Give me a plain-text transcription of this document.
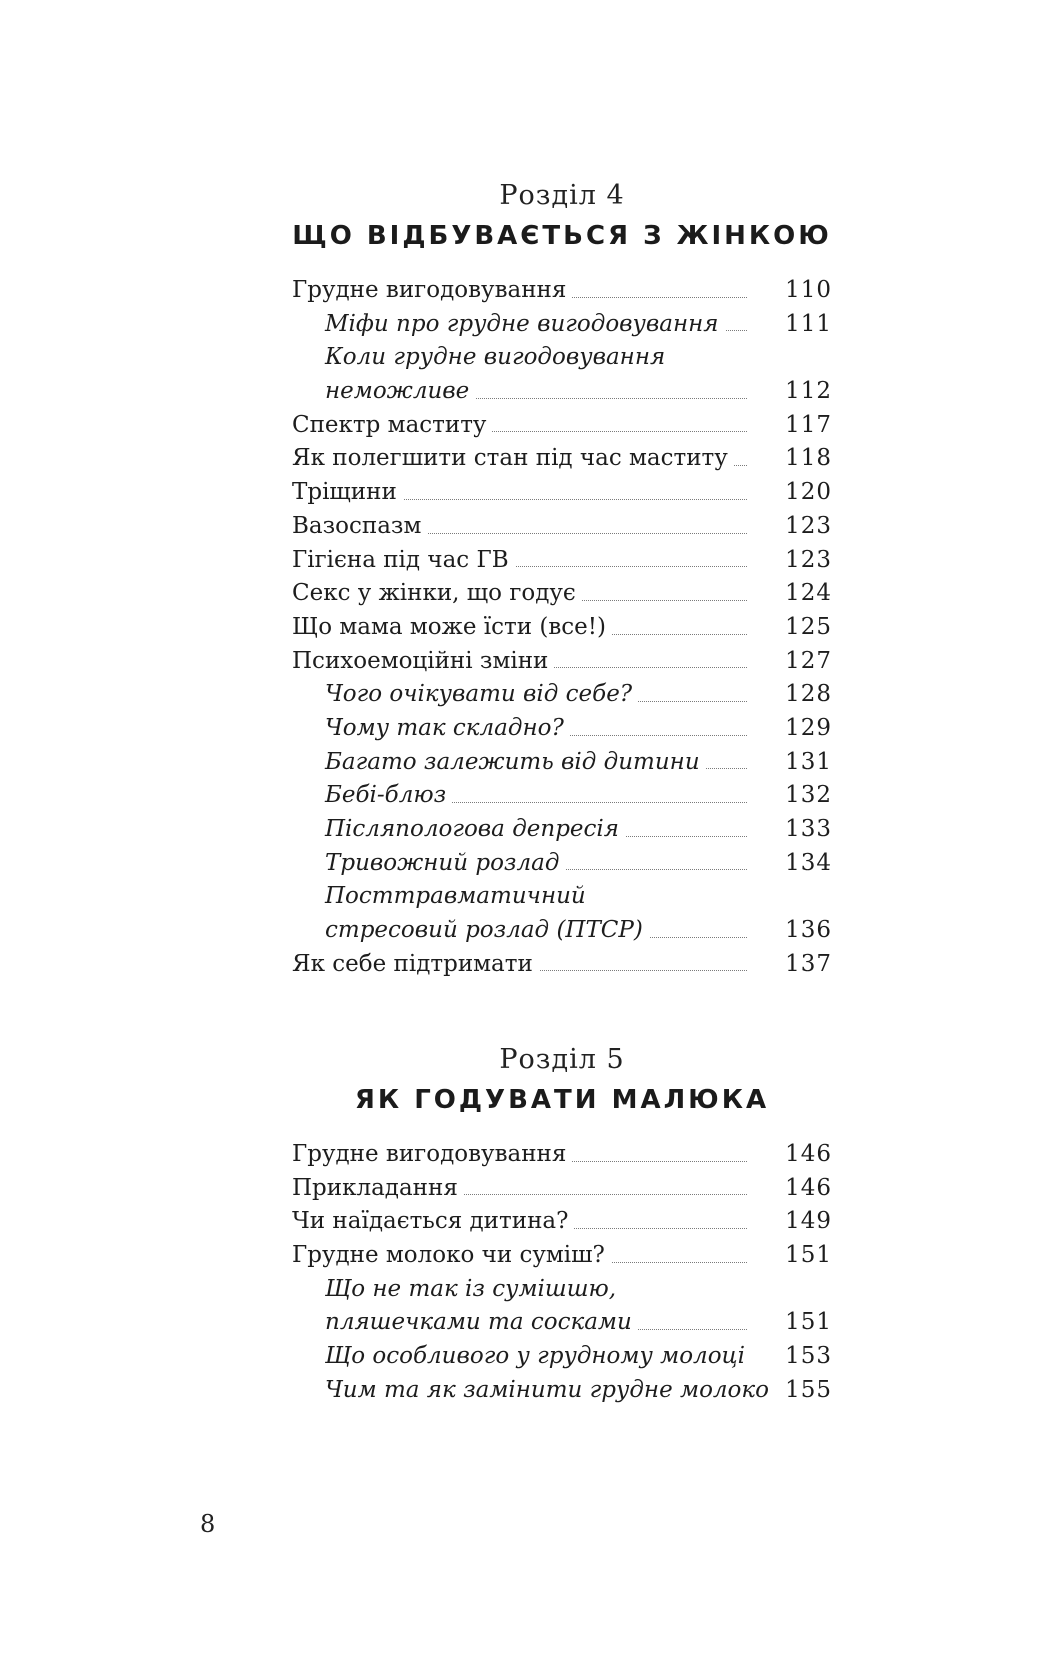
Розділ 4
ЩО ВІДБУВАЄТЬСЯ З ЖІНКОЮ
Грудне вигодовування	110
Міфи про грудне вигодовування	111
Коли грудне вигодовування
неможливе	112
Спектр маститу	117
Як полегшити стан під час маститу	118
Тріщини	120
Вазоспазм	123
Гігієна під час ГВ	123
Секс у жінки, що годує	124
Що мама може їсти (все!)	125
Психоемоційні зміни	127
Чого очікувати від себе?	128
Чому так складно?	129
Багато залежить від дитини	131
Бебі-блюз	132
Післяпологова депресія	133
Тривожний розлад	134
Посттравматичний
стресовий розлад (ПТСР)	136
Як себе підтримати	137
Розділ 5
ЯК ГОДУВАТИ МАЛЮКА
Грудне вигодовування	146
Прикладання	146
Чи наїдається дитина?	149
Грудне молоко чи суміш?	151
Що не так із сумішшю,
пляшечками та сосками	151
Що особливого у грудному молоці	153
Чим та як замінити грудне молоко 155
8
